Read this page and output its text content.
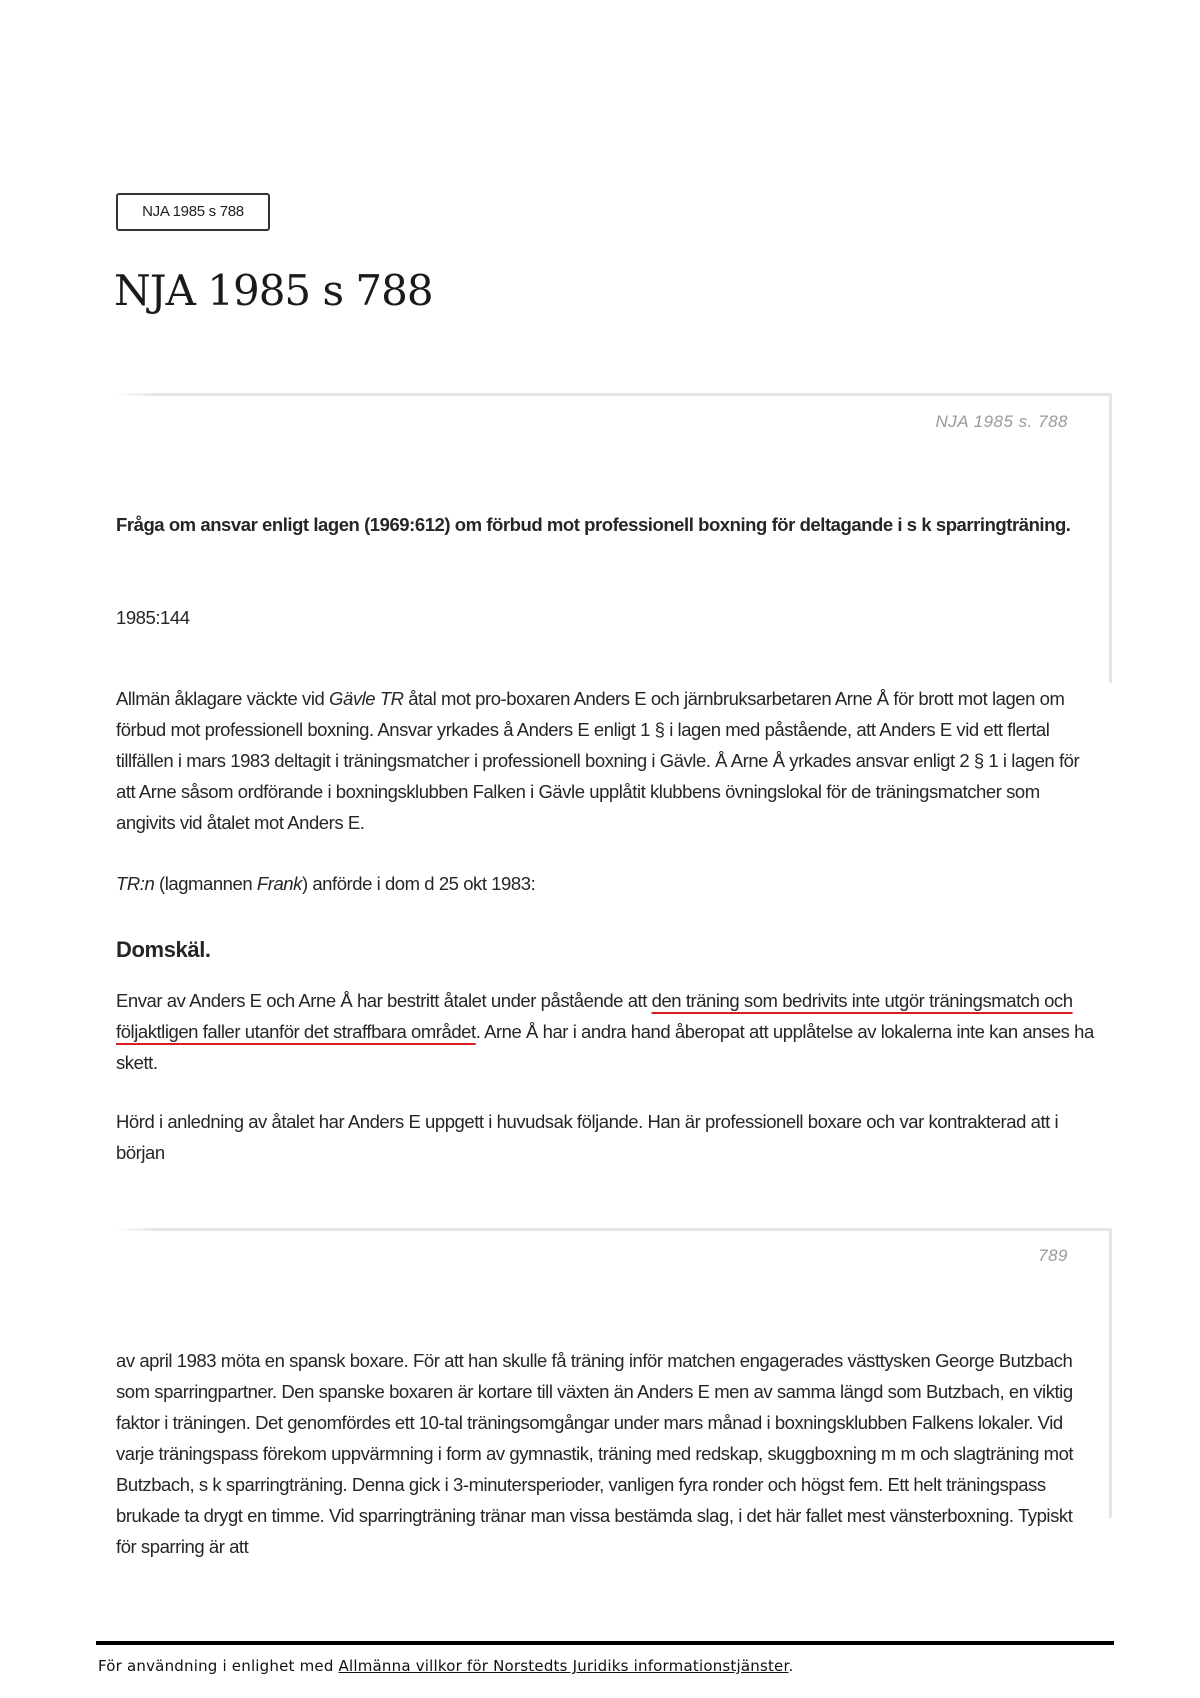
NJA 1985 s 788
NJA 1985 s 788
NJA 1985 s. 788

Fråga om ansvar enligt lagen (1969:612) om förbud mot professionell boxning för deltagande i s k sparringträning.

1985:144

Allmän åklagare väckte vid Gävle TR åtal mot pro-boxaren Anders E och järnbruksarbetaren Arne Å för brott mot lagen om förbud mot professionell boxning. Ansvar yrkades å Anders E enligt 1 § i lagen med påstående, att Anders E vid ett flertal tillfällen i mars 1983 deltagit i träningsmatcher i professionell boxning i Gävle. Å Arne Å yrkades ansvar enligt 2 § 1 i lagen för att Arne såsom ordförande i boxningsklubben Falken i Gävle upplåtit klubbens övningslokal för de träningsmatcher som angivits vid åtalet mot Anders E.

TR:n (lagmannen Frank) anförde i dom d 25 okt 1983:

Domskäl.

Envar av Anders E och Arne Å har bestritt åtalet under påstående att den träning som bedrivits inte utgör träningsmatch och följaktligen faller utanför det straffbara området. Arne Å har i andra hand åberopat att upplåtelse av lokalerna inte kan anses ha skett.

Hörd i anledning av åtalet har Anders E uppgett i huvudsak följande. Han är professionell boxare och var kontrakterad att i början

789

av april 1983 möta en spansk boxare. För att han skulle få träning inför matchen engagerades västtysken George Butzbach som sparringpartner. Den spanske boxaren är kortare till växten än Anders E men av samma längd som Butzbach, en viktig faktor i träningen. Det genomfördes ett 10-tal träningsomgångar under mars månad i boxningsklubben Falkens lokaler. Vid varje träningspass förekom uppvärmning i form av gymnastik, träning med redskap, skuggboxning m m och slagträning mot Butzbach, s k sparringträning. Denna gick i 3-minutersperioder, vanligen fyra ronder och högst fem. Ett helt träningspass brukade ta drygt en timme. Vid sparringträning tränar man vissa bestämda slag, i det här fallet mest vänsterboxning. Typiskt för sparring är att

För användning i enlighet med Allmänna villkor för Norstedts Juridiks informationstjänster.
